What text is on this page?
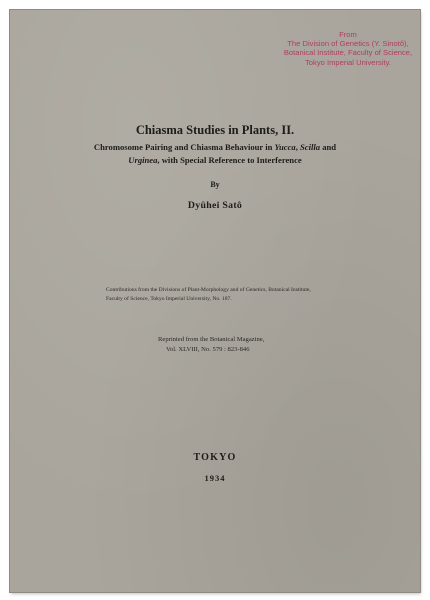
From
The Division of Genetics (Y. Sinotô),
Botanical Institute, Faculty of Science,
Tokyo Imperial University.
Chiasma Studies in Plants, II.
Chromosome Pairing and Chiasma Behaviour in Yucca, Scilla and
Urginea, with Special Reference to Interference
By
Dyûhei Satô
Contributions from the Divisions of Plant-Morphology and of Genetics, Botanical Institute,
Faculty of Science, Tokyo Imperial University, No. 187.
Reprinted from the Botanical Magazine,
Vol. XLVIII, No. 579 : 823-846
TOKYO
1934
